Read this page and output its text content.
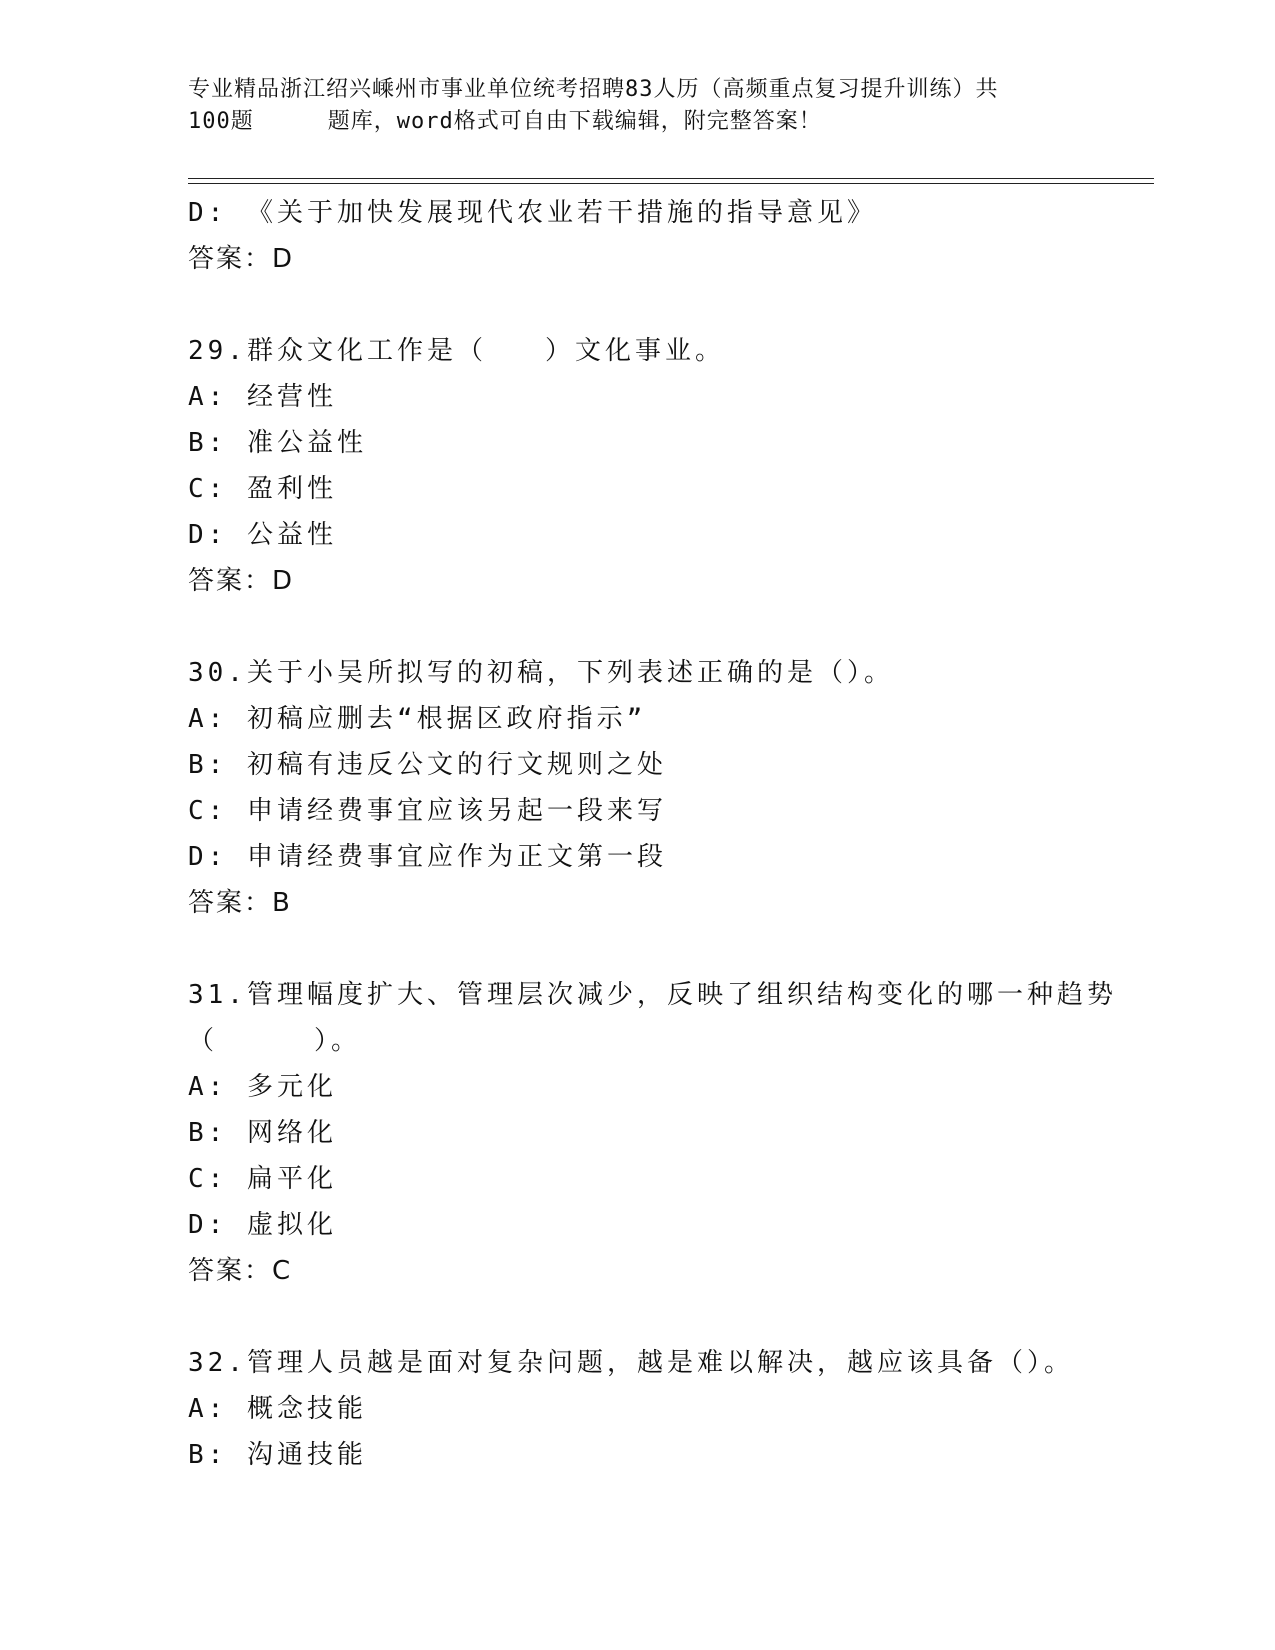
专业精品浙江绍兴嵊州市事业单位统考招聘83人历（高频重点复习提升训练）共
100题	题库，word格式可自由下载编辑，附完整答案！
D: 《关于加快发展现代农业若干措施的指导意见》
答案：D
29.群众文化工作是（ ）文化事业。
A: 经营性
B: 准公益性
C: 盈利性
D: 公益性
答案：D
30.关于小吴所拟写的初稿，下列表述正确的是（）。
A: 初稿应删去“根据区政府指示”
B: 初稿有违反公文的行文规则之处
C: 申请经费事宜应该另起一段来写
D: 申请经费事宜应作为正文第一段
答案：B
31.管理幅度扩大、管理层次减少，反映了组织结构变化的哪一种趋势
（	）。
A: 多元化
B: 网络化
C: 扁平化
D: 虚拟化
答案：C
32.管理人员越是面对复杂问题，越是难以解决，越应该具备（）。
A: 概念技能
B: 沟通技能
